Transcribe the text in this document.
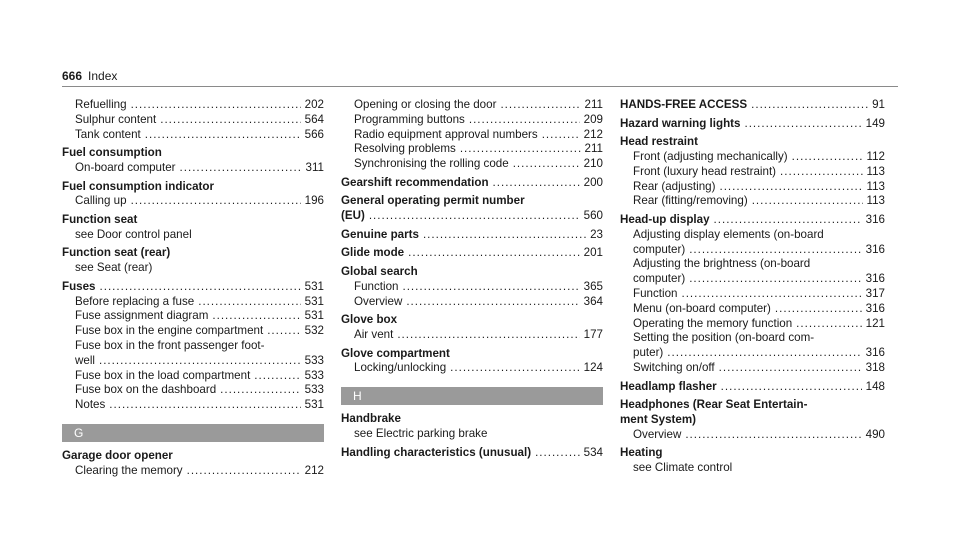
666 Index
Refuelling .....	202
Sulphur content .....	564
Tank content .....	566
Fuel consumption
On-board computer .....	311
Fuel consumption indicator
Calling up .....	196
Function seat
see Door control panel
Function seat (rear)
see Seat (rear)
Fuses .....	531
Before replacing a fuse .....	531
Fuse assignment diagram .....	531
Fuse box in the engine compartment .....	532
Fuse box in the front passenger foot-
well .....	533
Fuse box in the load compartment .....	533
Fuse box on the dashboard .....	533
Notes .....	531
G
Garage door opener
Clearing the memory .....	212
Opening or closing the door .....	211
Programming buttons .....	209
Radio equipment approval numbers .....	212
Resolving problems .....	211
Synchronising the rolling code .....	210
Gearshift recommendation .....	200
General operating permit number
(EU) .....	560
Genuine parts .....	23
Glide mode .....	201
Global search
Function .....	365
Overview .....	364
Glove box
Air vent .....	177
Glove compartment
Locking/unlocking .....	124
H
Handbrake
see Electric parking brake
Handling characteristics (unusual) .....	534
HANDS-FREE ACCESS .....	91
Hazard warning lights .....	149
Head restraint
Front (adjusting mechanically) .....	112
Front (luxury head restraint) .....	113
Rear (adjusting) .....	113
Rear (fitting/removing) .....	113
Head-up display .....	316
Adjusting display elements (on-board
computer) .....	316
Adjusting the brightness (on-board
computer) .....	316
Function .....	317
Menu (on-board computer) .....	316
Operating the memory function .....	121
Setting the position (on-board com-
puter) .....	316
Switching on/off .....	318
Headlamp flasher .....	148
Headphones (Rear Seat Entertain-
ment System)
Overview .....	490
Heating
see Climate control
